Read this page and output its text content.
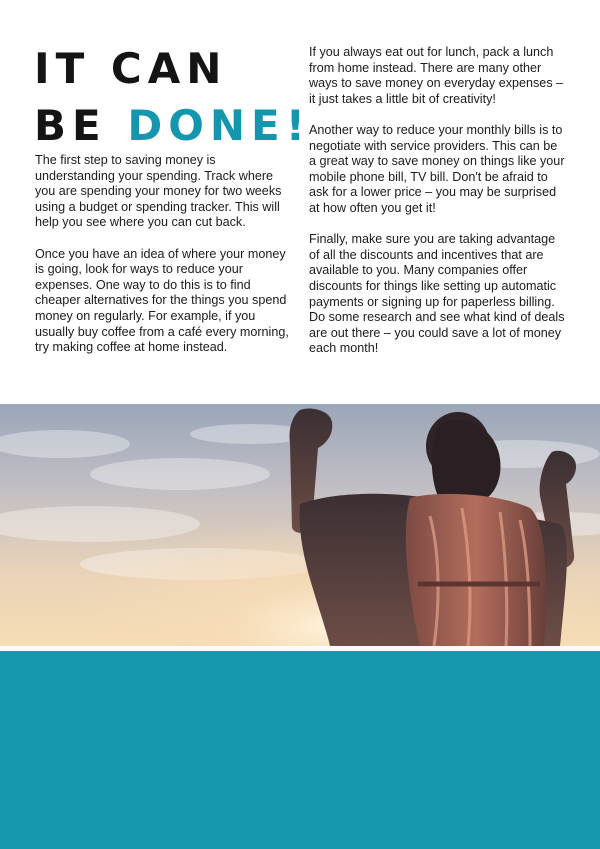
IT CAN
BE DONE!

The first step to saving money is understanding your spending. Track where you are spending your money for two weeks using a budget or spending tracker. This will help you see where you can cut back.

Once you have an idea of where your money is going, look for ways to reduce your expenses. One way to do this is to find cheaper alternatives for the things you spend money on regularly. For example, if you usually buy coffee from a café every morning, try making coffee at home instead.

If you always eat out for lunch, pack a lunch from home instead. There are many other ways to save money on everyday expenses – it just takes a little bit of creativity!

Another way to reduce your monthly bills is to negotiate with service providers. This can be a great way to save money on things like your mobile phone bill, TV bill. Don't be afraid to ask for a lower price – you may be surprised at how often you get it!

Finally, make sure you are taking advantage of all the discounts and incentives that are available to you. Many companies offer discounts for things like setting up automatic payments or signing up for paperless billing. Do some research and see what kind of deals are out there – you could save a lot of money each month!
